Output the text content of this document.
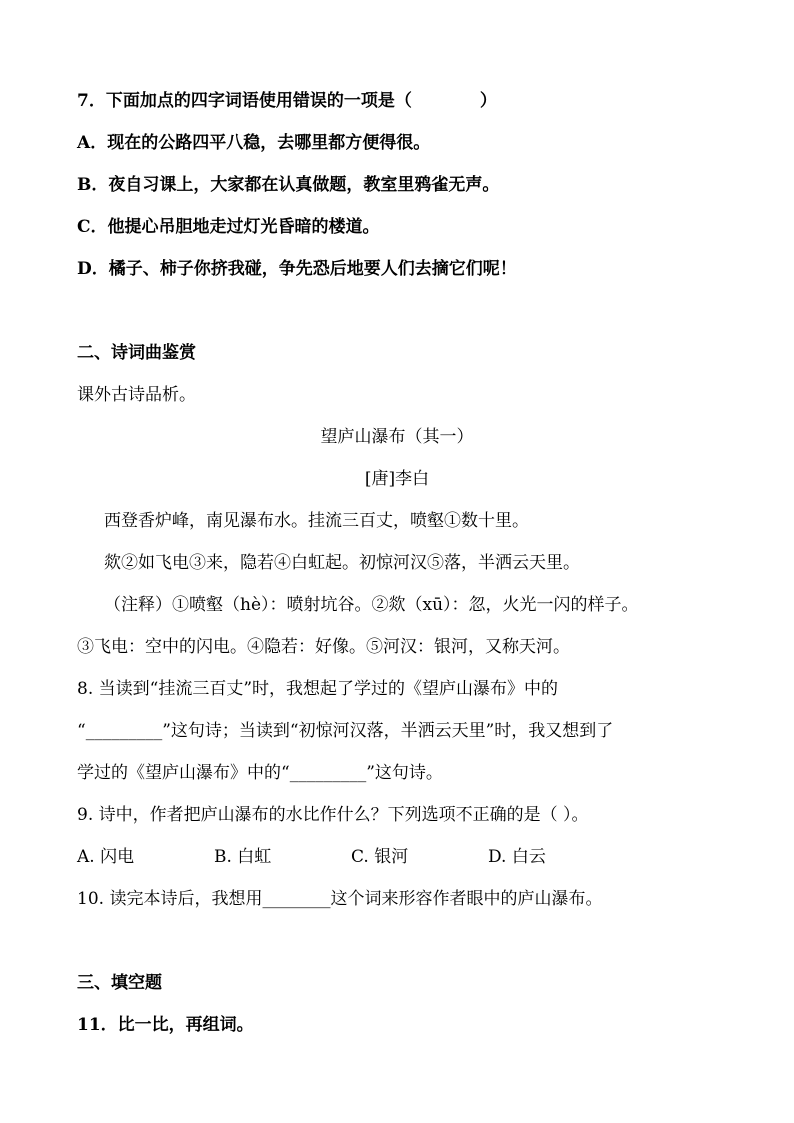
7．下面加点的四字词语使用错误的一项是（　　　　）
A．现在的公路四平八稳，去哪里都方便得很。
B．夜自习课上，大家都在认真做题，教室里鸦雀无声。
C．他提心吊胆地走过灯光昏暗的楼道。
D．橘子、柿子你挤我碰，争先恐后地要人们去摘它们呢！
二、诗词曲鉴赏
课外古诗品析。
望庐山瀑布（其一）
[唐]李白
西登香炉峰，南见瀑布水。挂流三百丈，喷壑①数十里。
欻②如飞电③来，隐若④白虹起。初惊河汉⑤落，半洒云天里。
（注释）①喷壑（hè）：喷射坑谷。②欻（xū）：忽，火光一闪的样子。
③飞电：空中的闪电。④隐若：好像。⑤河汉：银河，又称天河。
8. 当读到“挂流三百丈”时，我想起了学过的《望庐山瀑布》中的
“_________”这句诗；当读到“初惊河汉落，半洒云天里”时，我又想到了
学过的《望庐山瀑布》中的“_________”这句诗。
9. 诗中，作者把庐山瀑布的水比作什么？下列选项不正确的是（ ）。
A. 闪电	B. 白虹	C. 银河	D. 白云
10. 读完本诗后，我想用________这个词来形容作者眼中的庐山瀑布。
三、填空题
11．比一比，再组词。
